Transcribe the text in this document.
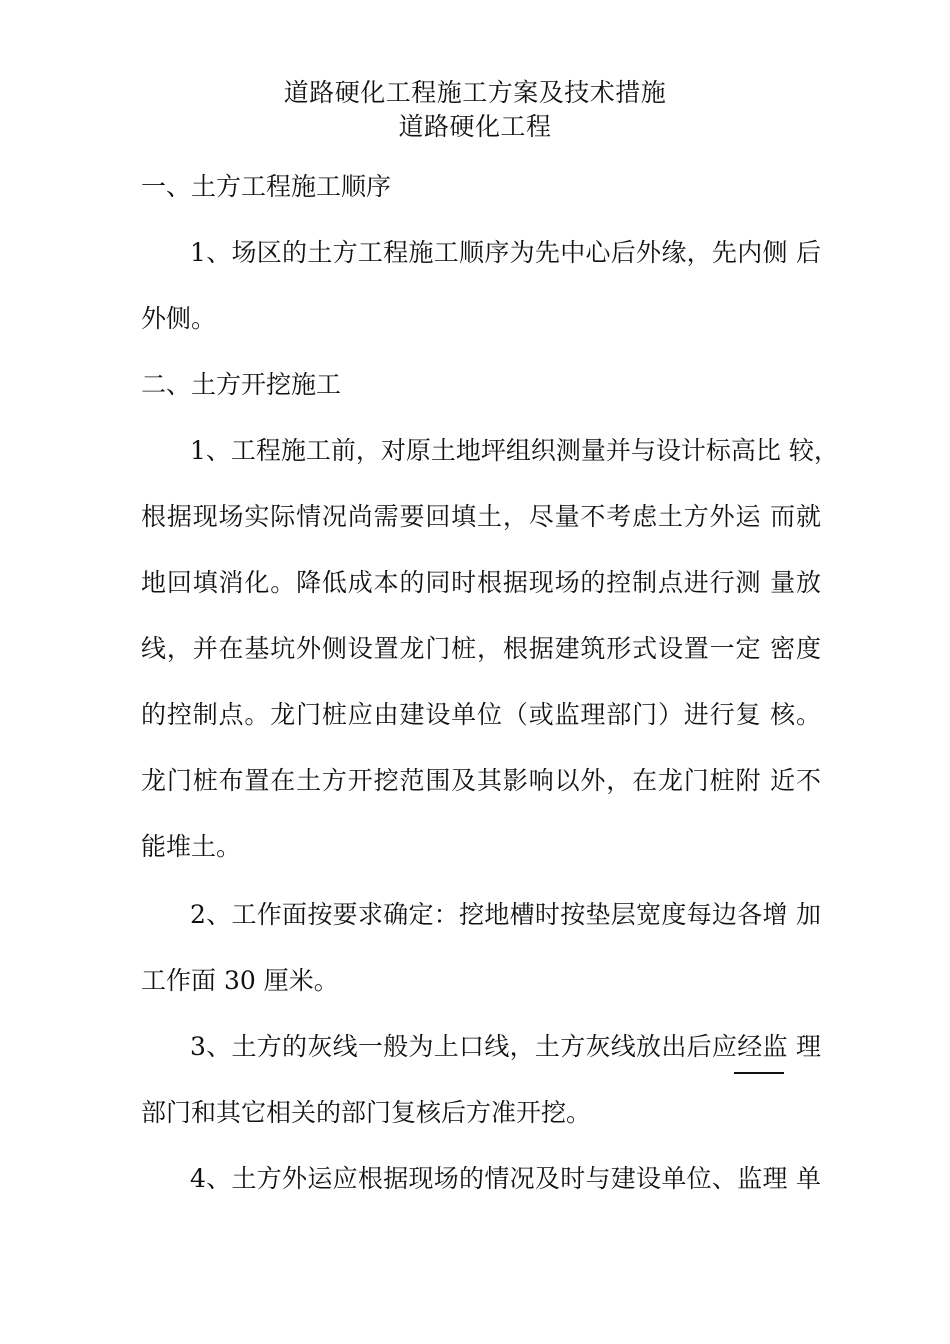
道路硬化工程施工方案及技术措施
道路硬化工程

一、土方工程施工顺序

1、场区的土方工程施工顺序为先中心后外缘，先内侧 后

外侧。

二、土方开挖施工

1、工程施工前，对原土地坪组织测量并与设计标高比 较，

根据现场实际情况尚需要回填土，尽量不考虑土方外运 而就

地回填消化。降低成本的同时根据现场的控制点进行测 量放

线，并在基坑外侧设置龙门桩，根据建筑形式设置一定 密度

的控制点。龙门桩应由建设单位（或监理部门）进行复 核。

龙门桩布置在土方开挖范围及其影响以外，在龙门桩附 近不

能堆土。

2、工作面按要求确定：挖地槽时按垫层宽度每边各增 加

工作面 30 厘米。

3、土方的灰线一般为上口线，土方灰线放出后应经监 理

部门和其它相关的部门复核后方准开挖。

4、土方外运应根据现场的情况及时与建设单位、监理 单
